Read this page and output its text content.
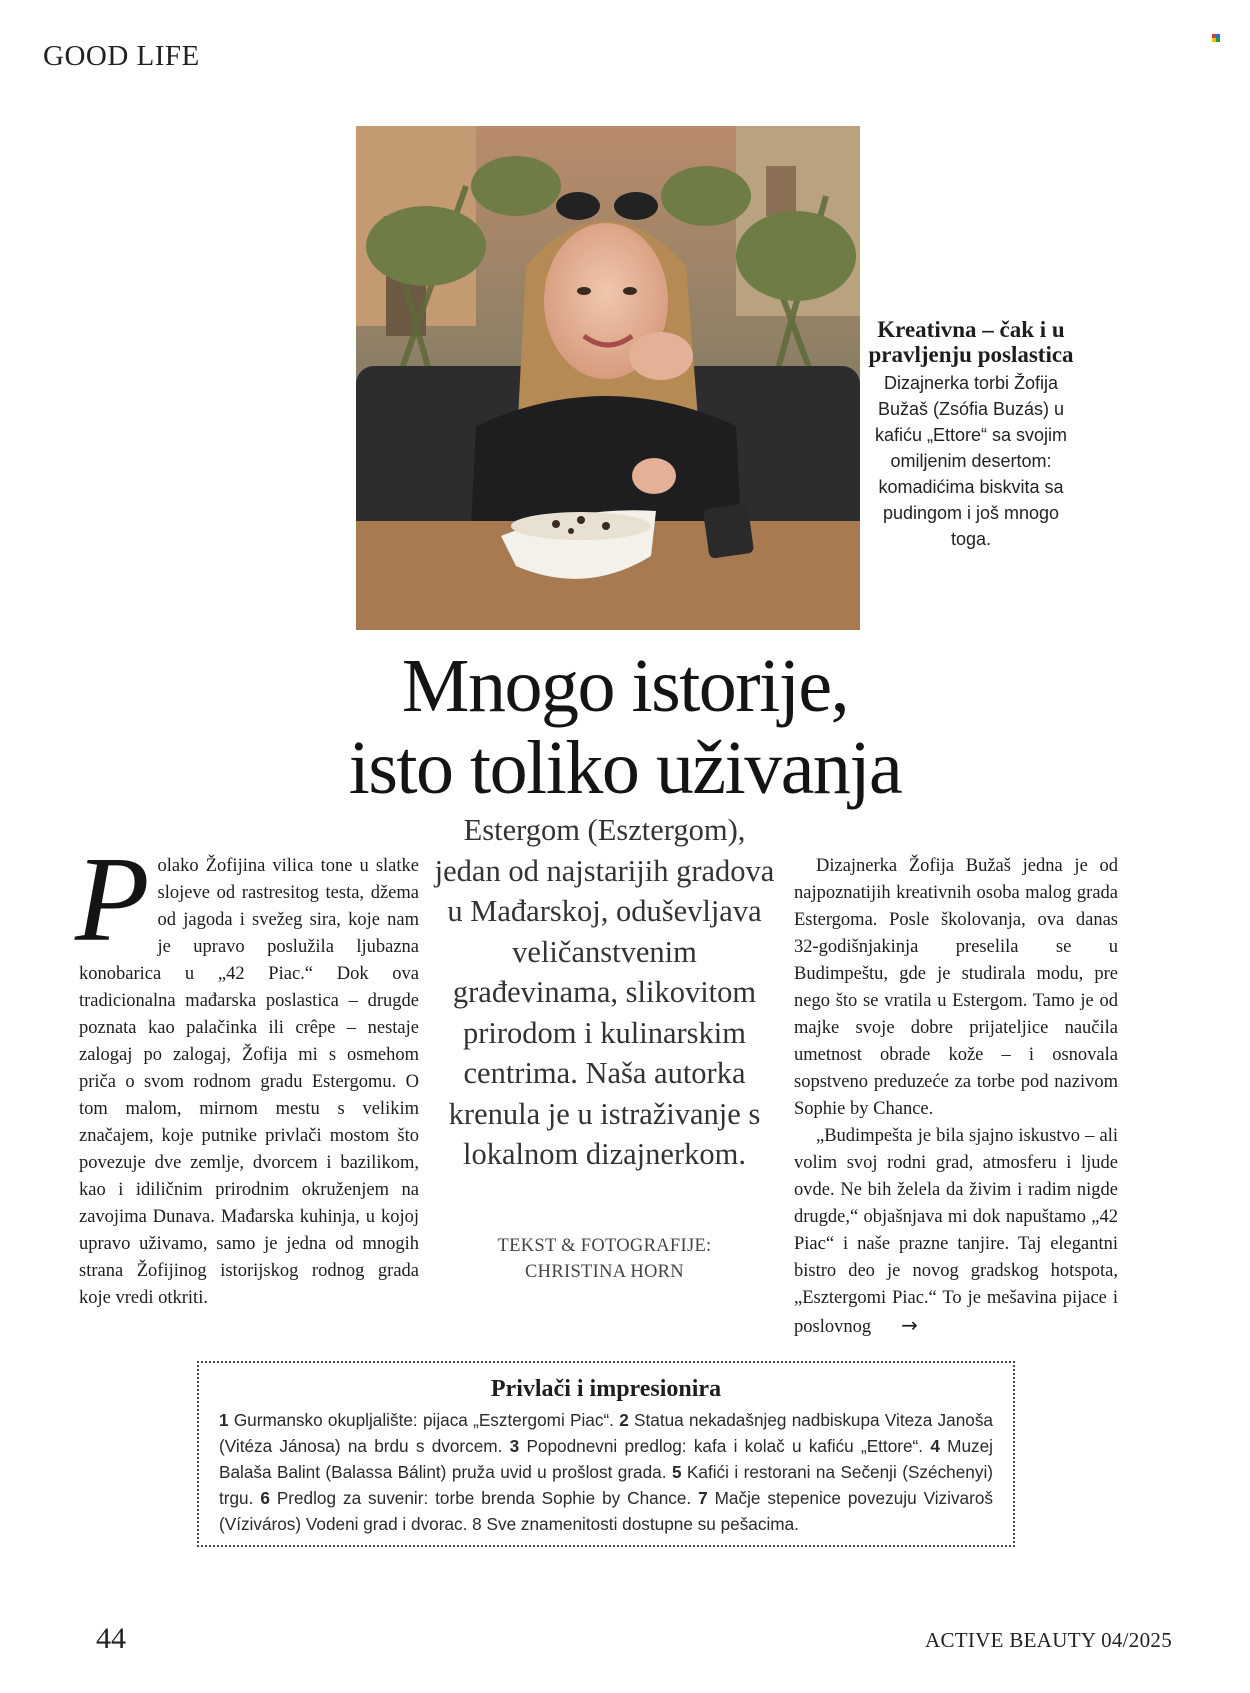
GOOD LIFE
Kreativna – čak i u pravljenju poslastica
Dizajnerka torbi Žofija Bužaš (Zsófia Buzás) u kafiću „Ettore“ sa svojim omiljenim desertom: komadićima biskvita sa pudingom i još mnogo toga.
Mnogo istorije,
isto toliko uživanja

Polako Žofijina vilica tone u slatke slojeve od rastresitog testa, džema od jagoda i svežeg sira, koje nam je upravo poslužila ljubazna konobarica u „42 Piac.“ Dok ova tradicionalna mađarska poslastica – drugde poznata kao palačinka ili crêpe – nestaje zalogaj po zalogaj, Žofija mi s osmehom priča o svom rodnom gradu Estergomu. O tom malom, mirnom mestu s velikim značajem, koje putnike privlači mostom što povezuje dve zemlje, dvorcem i bazilikom, kao i idiličnim prirodnim okruženjem na zavojima Dunava. Mađarska kuhinja, u kojoj upravo uživamo, samo je jedna od mnogih strana Žofijinog istorijskog rodnog grada koje vredi otkriti.

Estergom (Esztergom), jedan od najstarijih gradova u Mađarskoj, oduševljava veličanstvenim građevinama, slikovitom prirodom i kulinarskim centrima. Naša autorka krenula je u istraživanje s lokalnom dizajnerkom.
TEKST & FOTOGRAFIJE:
CHRISTINA HORN

Dizajnerka Žofija Bužaš jedna je od najpoznatijih kreativnih osoba malog grada Estergoma. Posle školovanja, ova danas 32-godišnjakinja preselila se u Budimpeštu, gde je studirala modu, pre nego što se vratila u Estergom. Tamo je od majke svoje dobre prijateljice naučila umetnost obrade kože – i osnovala sopstveno preduzeće za torbe pod nazivom Sophie by Chance.

„Budimpešta je bila sjajno iskustvo – ali volim svoj rodni grad, atmosferu i ljude ovde. Ne bih želela da živim i radim nigde drugde,“ objašnjava mi dok napuštamo „42 Piac“ i naše prazne tanjire. Taj elegantni bistro deo je novog gradskog hotspota, „Esztergomi Piac.“ To je mešavina pijace i poslovnog →

Privlači i impresionira
1 Gurmansko okupljalište: pijaca „Esztergomi Piac“. 2 Statua nekadašnjeg nadbiskupa Viteza Janoša (Vitéza Jánosa) na brdu s dvorcem. 3 Popodnevni predlog: kafa i kolač u kafiću „Ettore“. 4 Muzej Balaša Balint (Balassa Bálint) pruža uvid u prošlost grada. 5 Kafići i restorani na Sečenji (Széchenyi) trgu. 6 Predlog za suvenir: torbe brenda Sophie by Chance. 7 Mačje stepenice povezuju Vizivaroš (Víziváros) Vodeni grad i dvorac. 8 Sve znamenitosti dostupne su pešacima.
44	ACTIVE BEAUTY 04/2025
